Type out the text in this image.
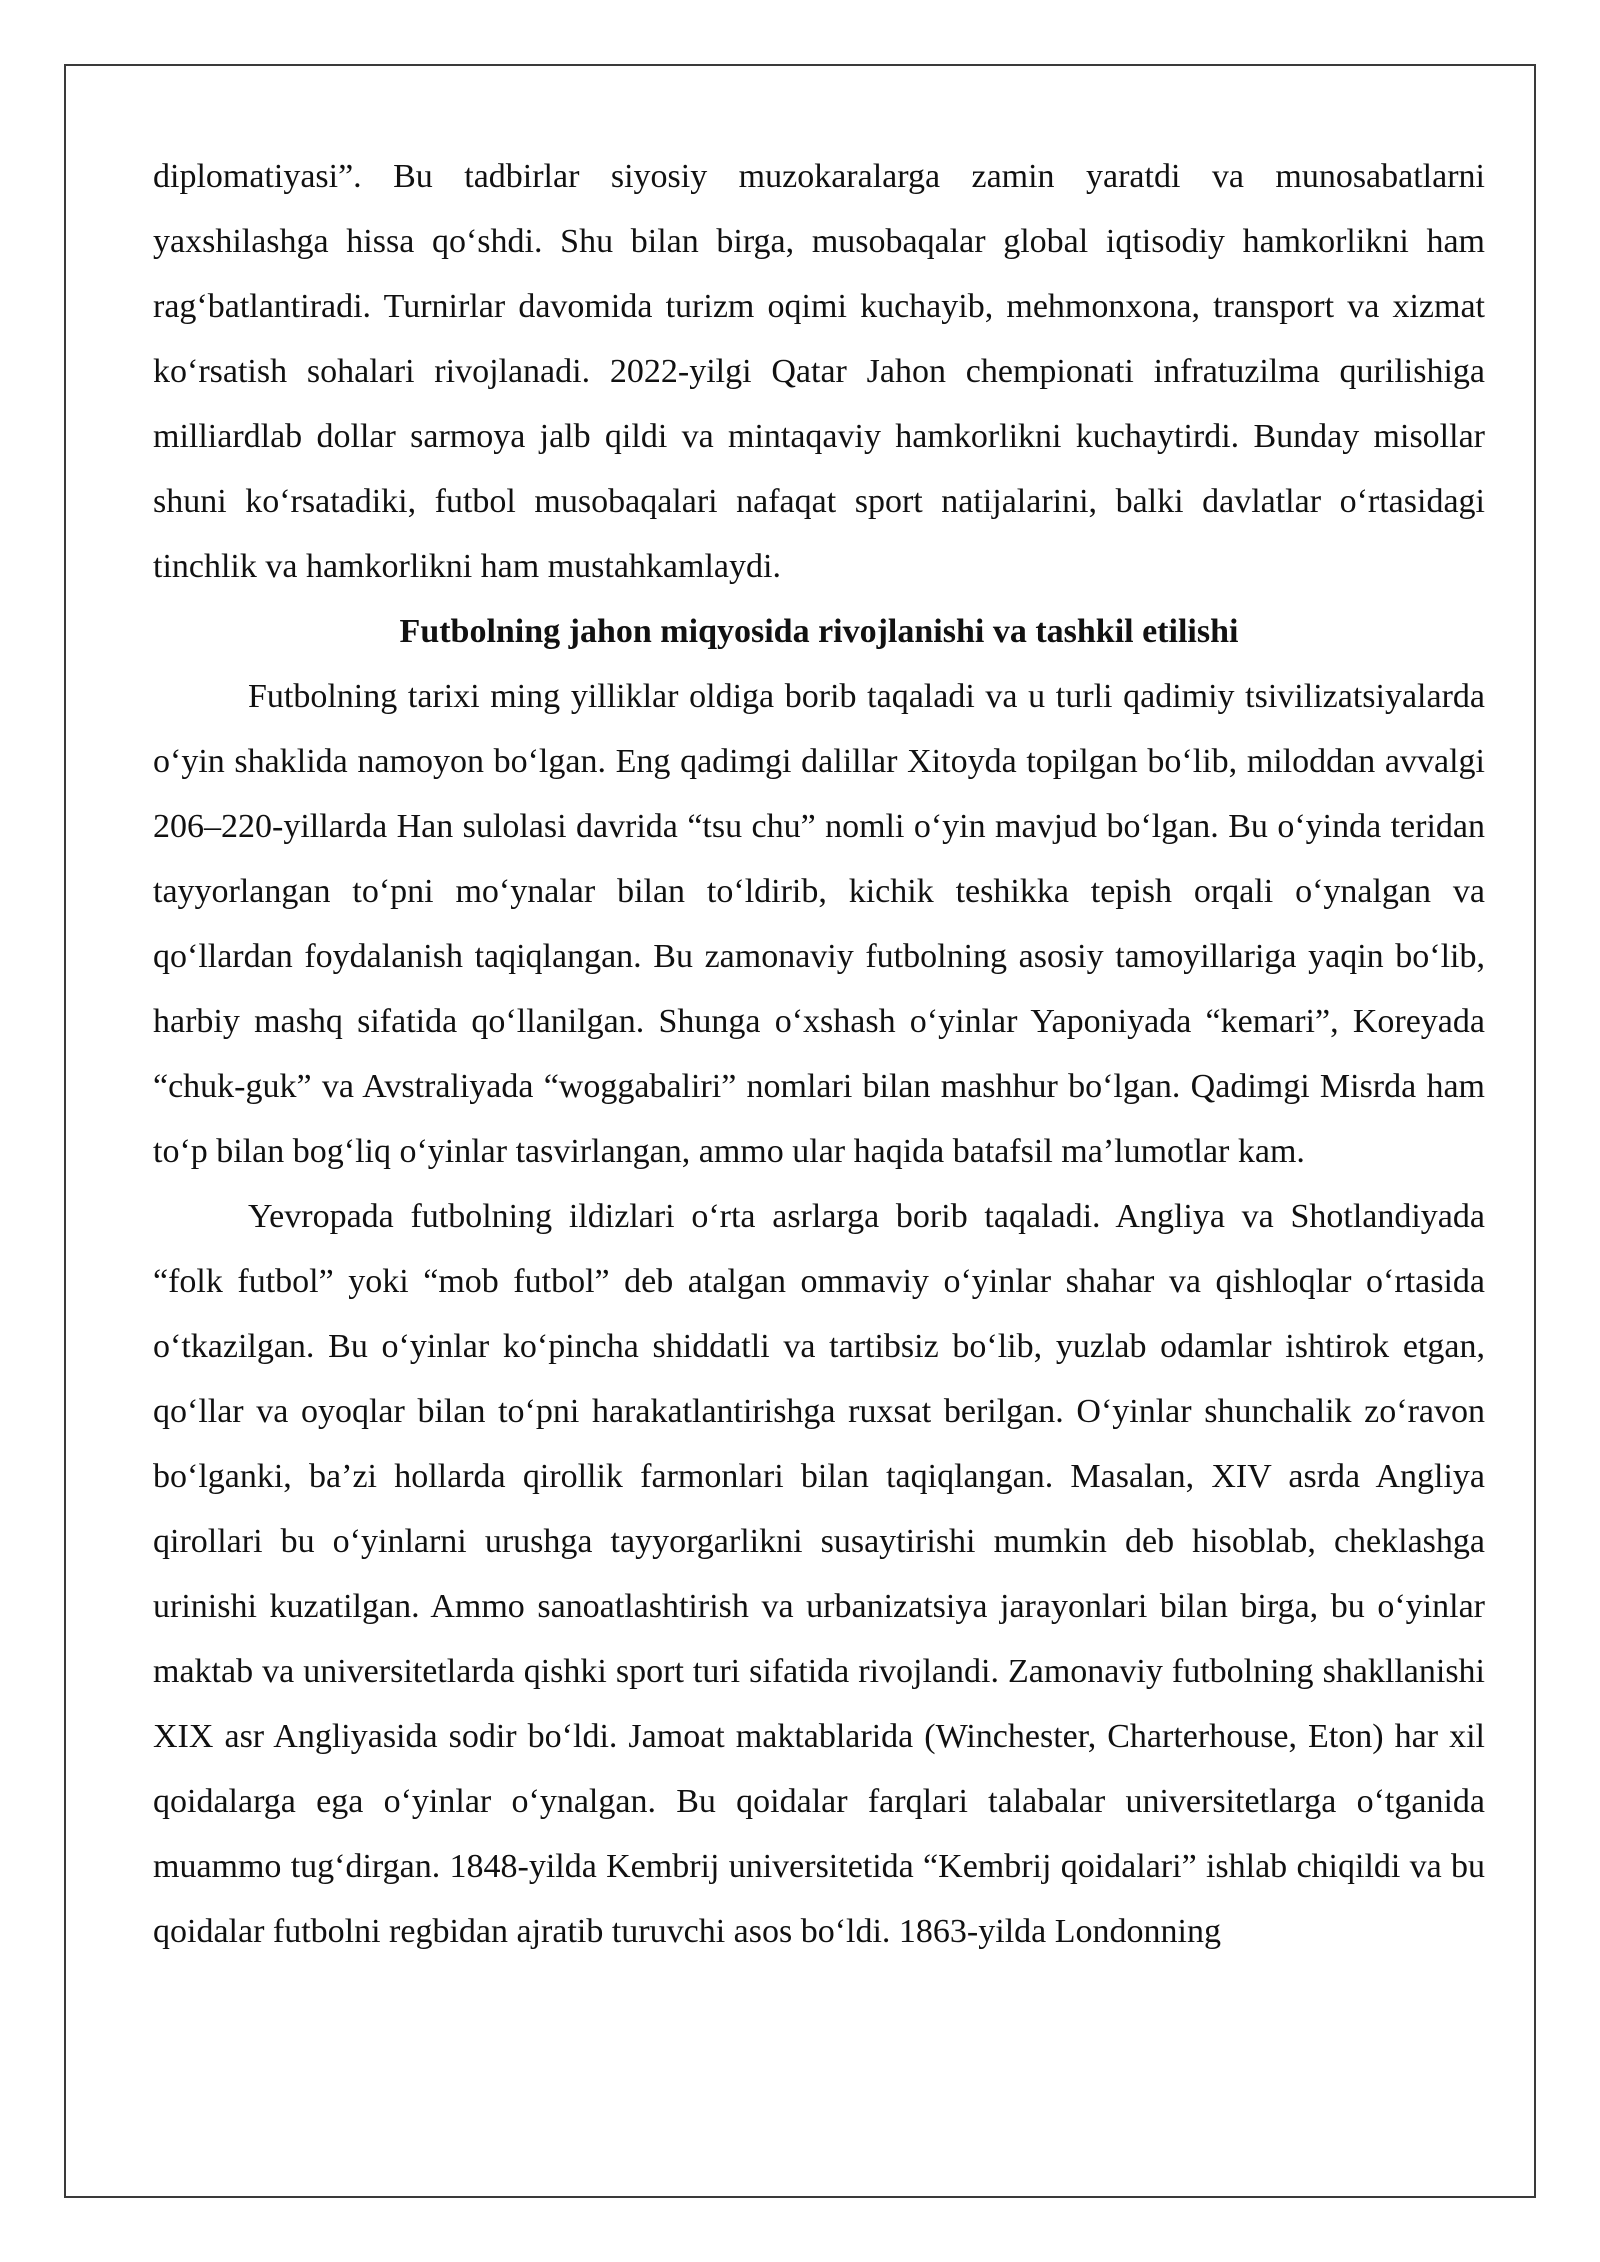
diplomatiyasi”. Bu tadbirlar siyosiy muzokaralarga zamin yaratdi va munosabatlarni yaxshilashga hissa qo‘shdi. Shu bilan birga, musobaqalar global iqtisodiy hamkorlikni ham rag‘batlantiradi. Turnirlar davomida turizm oqimi kuchayib, mehmonxona, transport va xizmat ko‘rsatish sohalari rivojlanadi. 2022-yilgi Qatar Jahon chempionati infratuzilma qurilishiga milliardlab dollar sarmoya jalb qildi va mintaqaviy hamkorlikni kuchaytirdi. Bunday misollar shuni ko‘rsatadiki, futbol musobaqalari nafaqat sport natijalarini, balki davlatlar o‘rtasidagi tinchlik va hamkorlikni ham mustahkamlaydi.

Futbolning jahon miqyosida rivojlanishi va tashkil etilishi

Futbolning tarixi ming yilliklar oldiga borib taqaladi va u turli qadimiy tsivilizatsiyalarda o‘yin shaklida namoyon bo‘lgan. Eng qadimgi dalillar Xitoyda topilgan bo‘lib, miloddan avvalgi 206–220-yillarda Han sulolasi davrida “tsu chu” nomli o‘yin mavjud bo‘lgan. Bu o‘yinda teridan tayyorlangan to‘pni mo‘ynalar bilan to‘ldirib, kichik teshikka tepish orqali o‘ynalgan va qo‘llardan foydalanish taqiqlangan. Bu zamonaviy futbolning asosiy tamoyillariga yaqin bo‘lib, harbiy mashq sifatida qo‘llanilgan. Shunga o‘xshash o‘yinlar Yaponiyada “kemari”, Koreyada “chuk-guk” va Avstraliyada “woggabaliri” nomlari bilan mashhur bo‘lgan. Qadimgi Misrda ham to‘p bilan bog‘liq o‘yinlar tasvirlangan, ammo ular haqida batafsil ma’lumotlar kam.

Yevropada futbolning ildizlari o‘rta asrlarga borib taqaladi. Angliya va Shotlandiyada “folk futbol” yoki “mob futbol” deb atalgan ommaviy o‘yinlar shahar va qishloqlar o‘rtasida o‘tkazilgan. Bu o‘yinlar ko‘pincha shiddatli va tartibsiz bo‘lib, yuzlab odamlar ishtirok etgan, qo‘llar va oyoqlar bilan to‘pni harakatlantirishga ruxsat berilgan. O‘yinlar shunchalik zo‘ravon bo‘lganki, ba’zi hollarda qirollik farmonlari bilan taqiqlangan. Masalan, XIV asrda Angliya qirollari bu o‘yinlarni urushga tayyorgarlikni susaytirishi mumkin deb hisoblab, cheklashga urinishi kuzatilgan. Ammo sanoatlashtirish va urbanizatsiya jarayonlari bilan birga, bu o‘yinlar maktab va universitetlarda qishki sport turi sifatida rivojlandi. Zamonaviy futbolning shakllanishi XIX asr Angliyasida sodir bo‘ldi. Jamoat maktablarida (Winchester, Charterhouse, Eton) har xil qoidalarga ega o‘yinlar o‘ynalgan. Bu qoidalar farqlari talabalar universitetlarga o‘tganida muammo tug‘dirgan. 1848-yilda Kembrij universitetida “Kembrij qoidalari” ishlab chiqildi va bu qoidalar futbolni regbidan ajratib turuvchi asos bo‘ldi. 1863-yilda Londonning
